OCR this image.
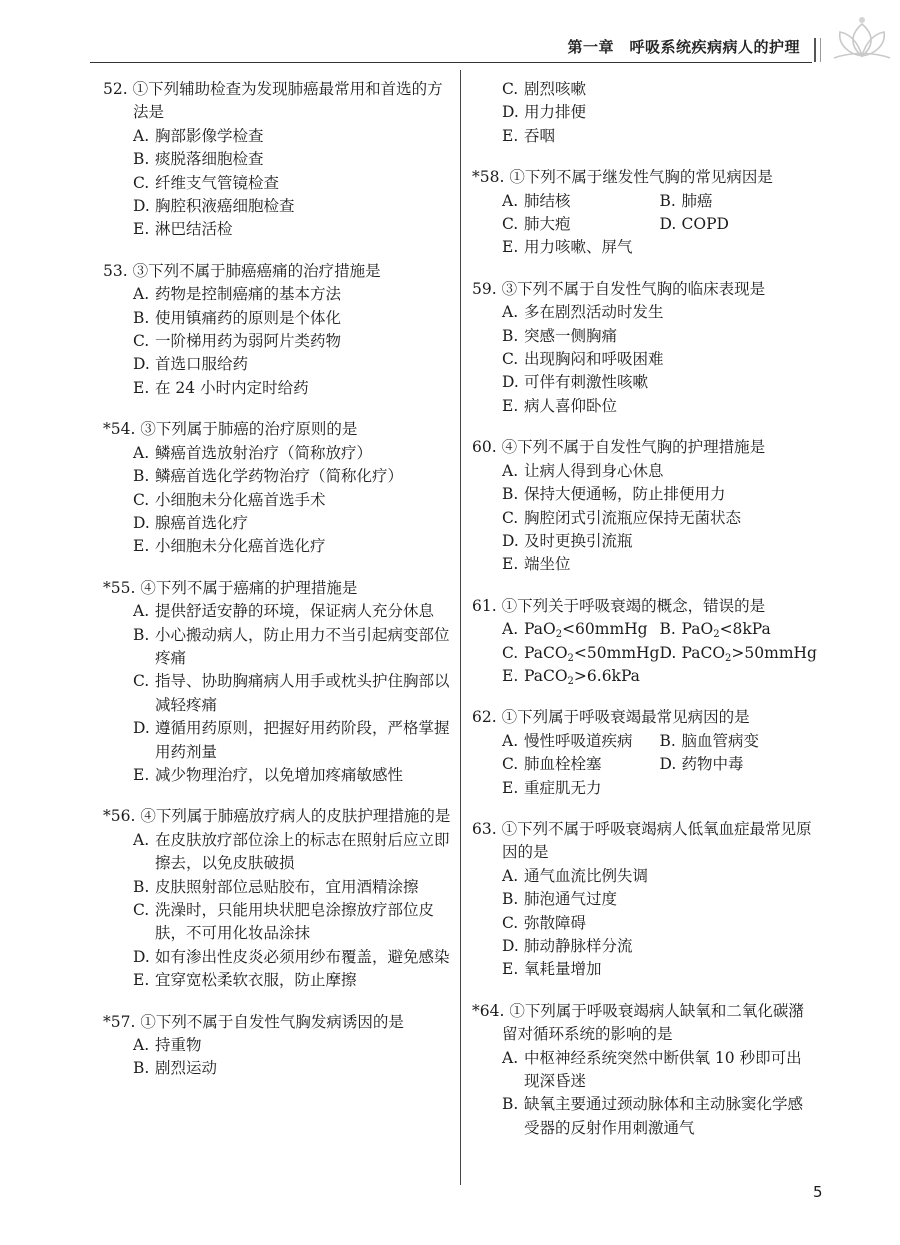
第一章　呼吸系统疾病病人的护理
52. ①下列辅助检查为发现肺癌最常用和首选的方法是
A. 胸部影像学检查
B. 痰脱落细胞检查
C. 纤维支气管镜检查
D. 胸腔积液癌细胞检查
E. 淋巴结活检
53. ③下列不属于肺癌癌痛的治疗措施是
A. 药物是控制癌痛的基本方法
B. 使用镇痛药的原则是个体化
C. 一阶梯用药为弱阿片类药物
D. 首选口服给药
E. 在 24 小时内定时给药
*54. ③下列属于肺癌的治疗原则的是
A. 鳞癌首选放射治疗（简称放疗）
B. 鳞癌首选化学药物治疗（简称化疗）
C. 小细胞未分化癌首选手术
D. 腺癌首选化疗
E. 小细胞未分化癌首选化疗
*55. ④下列不属于癌痛的护理措施是
A. 提供舒适安静的环境，保证病人充分休息
B. 小心搬动病人，防止用力不当引起病变部位疼痛
C. 指导、协助胸痛病人用手或枕头护住胸部以减轻疼痛
D. 遵循用药原则，把握好用药阶段，严格掌握用药剂量
E. 减少物理治疗，以免增加疼痛敏感性
*56. ④下列属于肺癌放疗病人的皮肤护理措施的是
A. 在皮肤放疗部位涂上的标志在照射后应立即擦去，以免皮肤破损
B. 皮肤照射部位忌贴胶布，宜用酒精涂擦
C. 洗澡时，只能用块状肥皂涂擦放疗部位皮肤，不可用化妆品涂抹
D. 如有渗出性皮炎必须用纱布覆盖，避免感染
E. 宜穿宽松柔软衣服，防止摩擦
*57. ①下列不属于自发性气胸发病诱因的是
A. 持重物
B. 剧烈运动
C. 剧烈咳嗽
D. 用力排便
E. 吞咽
*58. ①下列不属于继发性气胸的常见病因是
A. 肺结核	B. 肺癌
C. 肺大疱	D. COPD
E. 用力咳嗽、屏气
59. ③下列不属于自发性气胸的临床表现是
A. 多在剧烈活动时发生
B. 突感一侧胸痛
C. 出现胸闷和呼吸困难
D. 可伴有刺激性咳嗽
E. 病人喜仰卧位
60. ④下列不属于自发性气胸的护理措施是
A. 让病人得到身心休息
B. 保持大便通畅，防止排便用力
C. 胸腔闭式引流瓶应保持无菌状态
D. 及时更换引流瓶
E. 端坐位
61. ①下列关于呼吸衰竭的概念，错误的是
A. PaO$_2$<60mmHg B. PaO$_2$<8kPa
C. PaCO$_2$<50mmHg D. PaCO$_2$>50mmHg
E. PaCO$_2$>6.6kPa
62. ①下列属于呼吸衰竭最常见病因的是
A. 慢性呼吸道疾病	B. 脑血管病变
C. 肺血栓栓塞	D. 药物中毒
E. 重症肌无力
63. ①下列不属于呼吸衰竭病人低氧血症最常见原因的是
A. 通气血流比例失调
B. 肺泡通气过度
C. 弥散障碍
D. 肺动静脉样分流
E. 氧耗量增加
*64. ①下列属于呼吸衰竭病人缺氧和二氧化碳潴留对循环系统的影响的是
A. 中枢神经系统突然中断供氧 10 秒即可出现深昏迷
B. 缺氧主要通过颈动脉体和主动脉窦化学感受器的反射作用刺激通气
5
